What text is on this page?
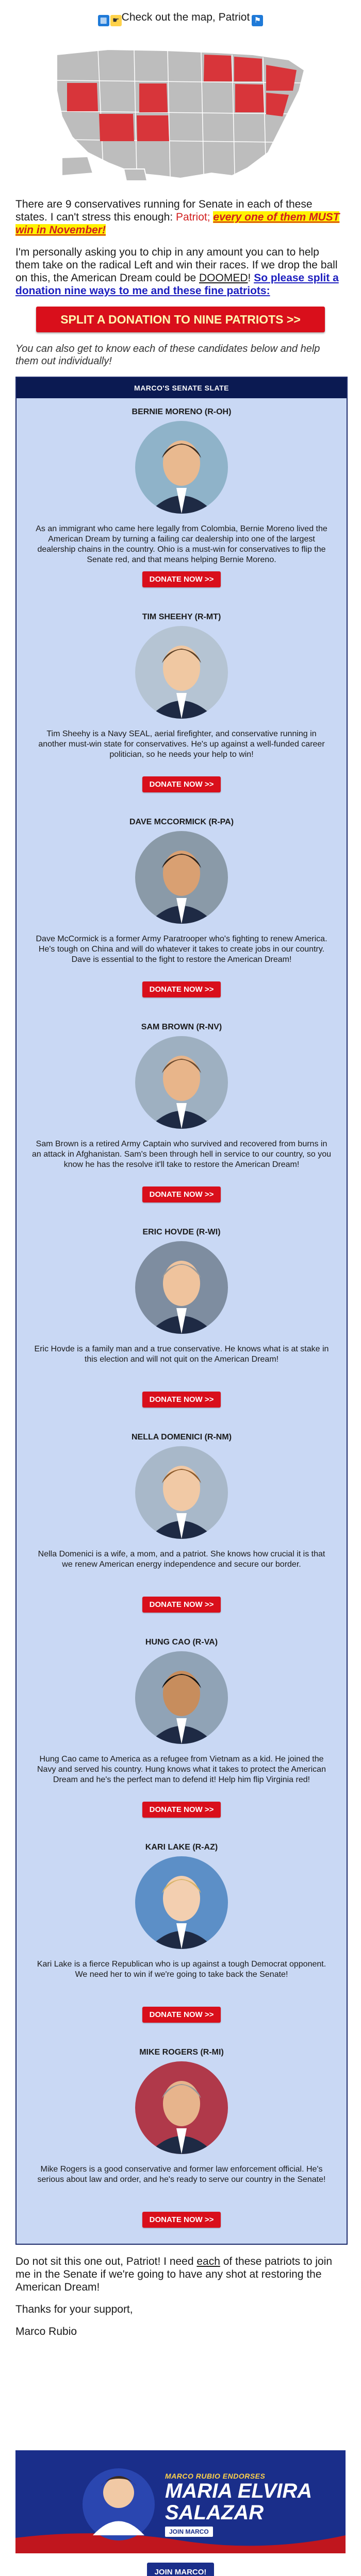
▦ ☛ Check out the map, Patriot ⚑

There are 9 conservatives running for Senate in each of these states. I can't stress this enough: Patriot; every one of them MUST win in November!

I'm personally asking you to chip in any amount you can to help them take on the radical Left and win their races. If we drop the ball on this, the American Dream could be DOOMED! So please split a donation nine ways to me and these fine patriots:

SPLIT A DONATION TO NINE PATRIOTS >>

You can also get to know each of these candidates below and help them out individually!

MARCO'S SENATE SLATE
BERNIE MORENO (R-OH)
As an immigrant who came here legally from Colombia, Bernie Moreno lived the American Dream by turning a failing car dealership into one of the largest dealership chains in the country. Ohio is a must-win for conservatives to flip the Senate red, and that means helping Bernie Moreno.
DONATE NOW >>
TIM SHEEHY (R-MT)
Tim Sheehy is a Navy SEAL, aerial firefighter, and conservative running in another must-win state for conservatives. He's up against a well-funded career politician, so he needs your help to win!
DONATE NOW >>
DAVE MCCORMICK (R-PA)
Dave McCormick is a former Army Paratrooper who's fighting to renew America. He's tough on China and will do whatever it takes to create jobs in our country. Dave is essential to the fight to restore the American Dream!
DONATE NOW >>
SAM BROWN (R-NV)
Sam Brown is a retired Army Captain who survived and recovered from burns in an attack in Afghanistan. Sam's been through hell in service to our country, so you know he has the resolve it'll take to restore the American Dream!
DONATE NOW >>
ERIC HOVDE (R-WI)
Eric Hovde is a family man and a true conservative. He knows what is at stake in this election and will not quit on the American Dream!
DONATE NOW >>
NELLA DOMENICI (R-NM)
Nella Domenici is a wife, a mom, and a patriot. She knows how crucial it is that we renew American energy independence and secure our border.
DONATE NOW >>
HUNG CAO (R-VA)
Hung Cao came to America as a refugee from Vietnam as a kid. He joined the Navy and served his country. Hung knows what it takes to protect the American Dream and he's the perfect man to defend it! Help him flip Virginia red!
DONATE NOW >>
KARI LAKE (R-AZ)
Kari Lake is a fierce Republican who is up against a tough Democrat opponent. We need her to win if we're going to take back the Senate!
DONATE NOW >>
MIKE ROGERS (R-MI)
Mike Rogers is a good conservative and former law enforcement official. He's serious about law and order, and he's ready to serve our country in the Senate!
DONATE NOW >>

Do not sit this one out, Patriot! I need each of these patriots to join me in the Senate if we're going to have any shot at restoring the American Dream!

Thanks for your support,

Marco Rubio

MARCO RUBIO ENDORSES
MARIA ELVIRA
SALAZAR
JOIN MARCO
JOIN MARCO!
